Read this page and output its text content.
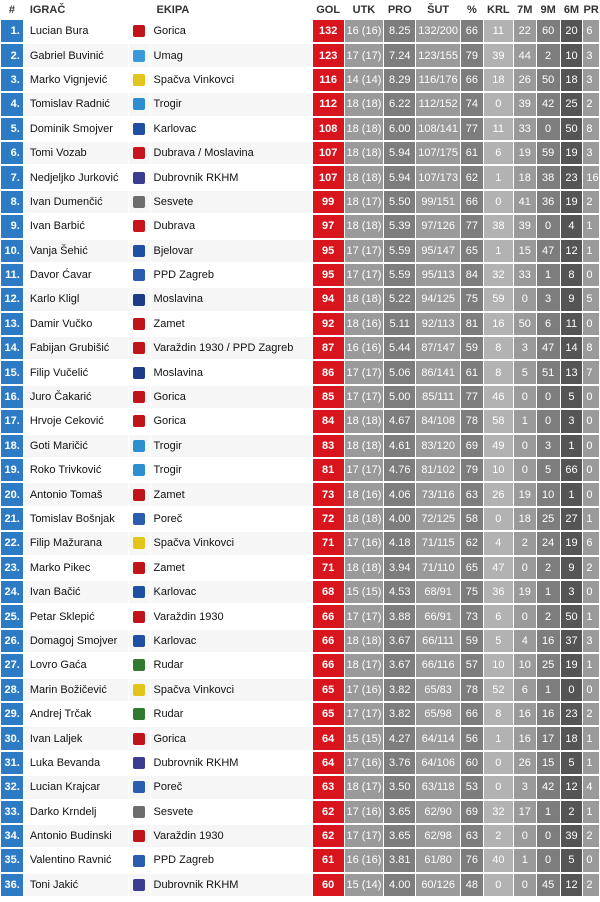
#	IGRAČ		EKIPA	GOL	UTK	PRO	ŠUT	%	KRL	7M	9M	6M	PR
1.	Lucian Bura		Gorica	132	16 (16)	8.25	132/200	66	11	22	60	20	6
2.	Gabriel Buvinić		Umag	123	17 (17)	7.24	123/155	79	39	44	2	10	3
3.	Marko Vignjević		Spačva Vinkovci	116	14 (14)	8.29	116/176	66	18	26	50	18	3
4.	Tomislav Radnić		Trogir	112	18 (18)	6.22	112/152	74	0	39	42	25	2
5.	Dominik Smojver		Karlovac	108	18 (18)	6.00	108/141	77	11	33	0	50	8
6.	Tomi Vozab		Dubrava / Moslavina	107	18 (18)	5.94	107/175	61	6	19	59	19	3
7.	Nedjeljko Jurković		Dubrovnik RKHM	107	18 (18)	5.94	107/173	62	1	18	38	23	16
8.	Ivan Dumenčić		Sesvete	99	18 (17)	5.50	99/151	66	0	41	36	19	2
9.	Ivan Barbić		Dubrava	97	18 (18)	5.39	97/126	77	38	39	0	4	1
10.	Vanja Šehić		Bjelovar	95	17 (17)	5.59	95/147	65	1	15	47	12	1
11.	Davor Ćavar		PPD Zagreb	95	17 (17)	5.59	95/113	84	32	33	1	8	0
12.	Karlo Kligl		Moslavina	94	18 (18)	5.22	94/125	75	59	0	3	9	5
13.	Damir Vučko		Zamet	92	18 (16)	5.11	92/113	81	16	50	6	11	0
14.	Fabijan Grubišić		Varaždin 1930 / PPD Zagreb	87	16 (16)	5.44	87/147	59	8	3	47	14	8
15.	Filip Vučelić		Moslavina	86	17 (17)	5.06	86/141	61	8	5	51	13	7
16.	Juro Čakarić		Gorica	85	17 (17)	5.00	85/111	77	46	0	0	5	0
17.	Hrvoje Ceković		Gorica	84	18 (18)	4.67	84/108	78	58	1	0	3	0
18.	Goti Maričić		Trogir	83	18 (18)	4.61	83/120	69	49	0	3	1	0
19.	Roko Trivković		Trogir	81	17 (17)	4.76	81/102	79	10	0	5	66	0
20.	Antonio Tomaš		Zamet	73	18 (16)	4.06	73/116	63	26	19	10	1	0
21.	Tomislav Bošnjak		Poreč	72	18 (18)	4.00	72/125	58	0	18	25	27	1
22.	Filip Mažurana		Spačva Vinkovci	71	17 (16)	4.18	71/115	62	4	2	24	19	6
23.	Marko Pikec		Zamet	71	18 (18)	3.94	71/110	65	47	0	2	9	2
24.	Ivan Bačić		Karlovac	68	15 (15)	4.53	68/91	75	36	19	1	3	0
25.	Petar Sklepić		Varaždin 1930	66	17 (17)	3.88	66/91	73	6	0	2	50	1
26.	Domagoj Smojver		Karlovac	66	18 (18)	3.67	66/111	59	5	4	16	37	3
27.	Lovro Gaća		Rudar	66	18 (17)	3.67	66/116	57	10	10	25	19	1
28.	Marin Božičević		Spačva Vinkovci	65	17 (16)	3.82	65/83	78	52	6	1	0	0
29.	Andrej Trčak		Rudar	65	17 (17)	3.82	65/98	66	8	16	16	23	2
30.	Ivan Laljek		Gorica	64	15 (15)	4.27	64/114	56	1	16	17	18	1
31.	Luka Bevanda		Dubrovnik RKHM	64	17 (16)	3.76	64/106	60	0	26	15	5	1
32.	Lucian Krajcar		Poreč	63	18 (17)	3.50	63/118	53	0	3	42	12	4
33.	Darko Krndelj		Sesvete	62	17 (16)	3.65	62/90	69	32	17	1	2	1
34.	Antonio Budinski		Varaždin 1930	62	17 (17)	3.65	62/98	63	2	0	0	39	2
35.	Valentino Ravnić		PPD Zagreb	61	16 (16)	3.81	61/80	76	40	1	0	5	0
36.	Toni Jakić		Dubrovnik RKHM	60	15 (14)	4.00	60/126	48	0	0	45	12	2
